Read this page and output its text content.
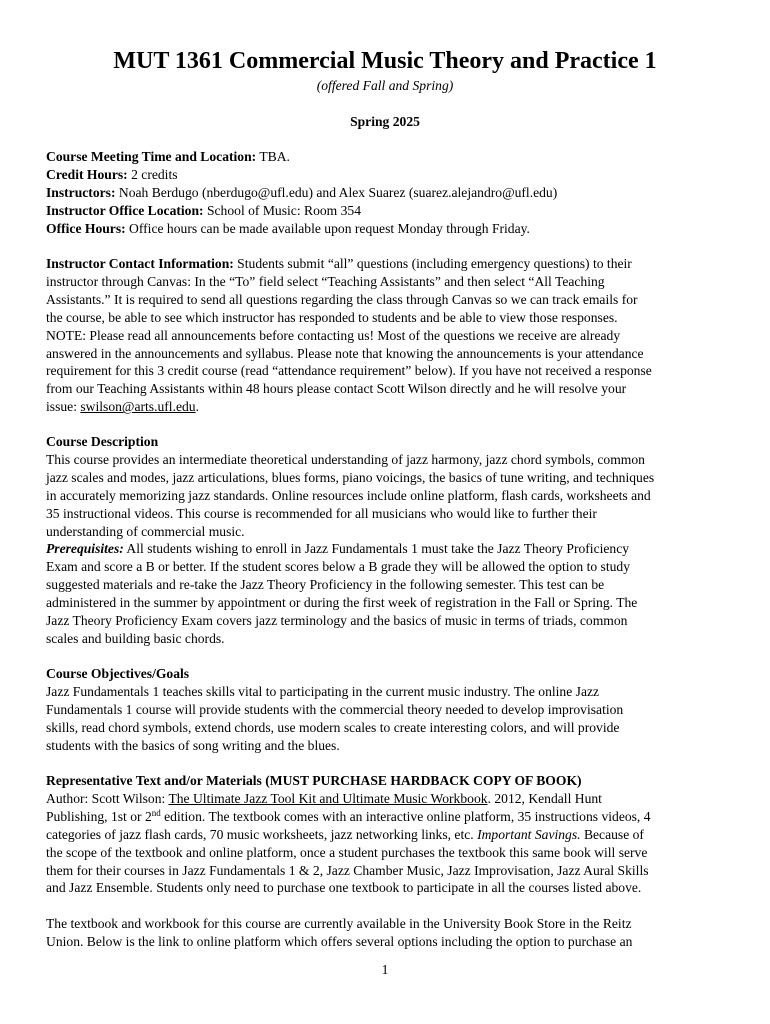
MUT 1361 Commercial Music Theory and Practice 1
(offered Fall and Spring)
Spring 2025
Course Meeting Time and Location: TBA.
Credit Hours: 2 credits
Instructors: Noah Berdugo (nberdugo@ufl.edu) and Alex Suarez (suarez.alejandro@ufl.edu)
Instructor Office Location: School of Music: Room 354
Office Hours: Office hours can be made available upon request Monday through Friday.
Instructor Contact Information: Students submit “all” questions (including emergency questions) to their
instructor through Canvas: In the “To” field select “Teaching Assistants” and then select “All Teaching
Assistants.” It is required to send all questions regarding the class through Canvas so we can track emails for
the course, be able to see which instructor has responded to students and be able to view those responses.
NOTE: Please read all announcements before contacting us! Most of the questions we receive are already
answered in the announcements and syllabus. Please note that knowing the announcements is your attendance
requirement for this 3 credit course (read “attendance requirement” below). If you have not received a response
from our Teaching Assistants within 48 hours please contact Scott Wilson directly and he will resolve your
issue: swilson@arts.ufl.edu.
Course Description
This course provides an intermediate theoretical understanding of jazz harmony, jazz chord symbols, common
jazz scales and modes, jazz articulations, blues forms, piano voicings, the basics of tune writing, and techniques
in accurately memorizing jazz standards. Online resources include online platform, flash cards, worksheets and
35 instructional videos. This course is recommended for all musicians who would like to further their
understanding of commercial music.
Prerequisites: All students wishing to enroll in Jazz Fundamentals 1 must take the Jazz Theory Proficiency
Exam and score a B or better. If the student scores below a B grade they will be allowed the option to study
suggested materials and re-take the Jazz Theory Proficiency in the following semester. This test can be
administered in the summer by appointment or during the first week of registration in the Fall or Spring. The
Jazz Theory Proficiency Exam covers jazz terminology and the basics of music in terms of triads, common
scales and building basic chords.
Course Objectives/Goals
Jazz Fundamentals 1 teaches skills vital to participating in the current music industry. The online Jazz
Fundamentals 1 course will provide students with the commercial theory needed to develop improvisation
skills, read chord symbols, extend chords, use modern scales to create interesting colors, and will provide
students with the basics of song writing and the blues.
Representative Text and/or Materials (MUST PURCHASE HARDBACK COPY OF BOOK)
Author: Scott Wilson: The Ultimate Jazz Tool Kit and Ultimate Music Workbook. 2012, Kendall Hunt
Publishing, 1st or 2nd edition. The textbook comes with an interactive online platform, 35 instructions videos, 4
categories of jazz flash cards, 70 music worksheets, jazz networking links, etc. Important Savings. Because of
the scope of the textbook and online platform, once a student purchases the textbook this same book will serve
them for their courses in Jazz Fundamentals 1 & 2, Jazz Chamber Music, Jazz Improvisation, Jazz Aural Skills
and Jazz Ensemble. Students only need to purchase one textbook to participate in all the courses listed above.
The textbook and workbook for this course are currently available in the University Book Store in the Reitz
Union. Below is the link to online platform which offers several options including the option to purchase an
1
